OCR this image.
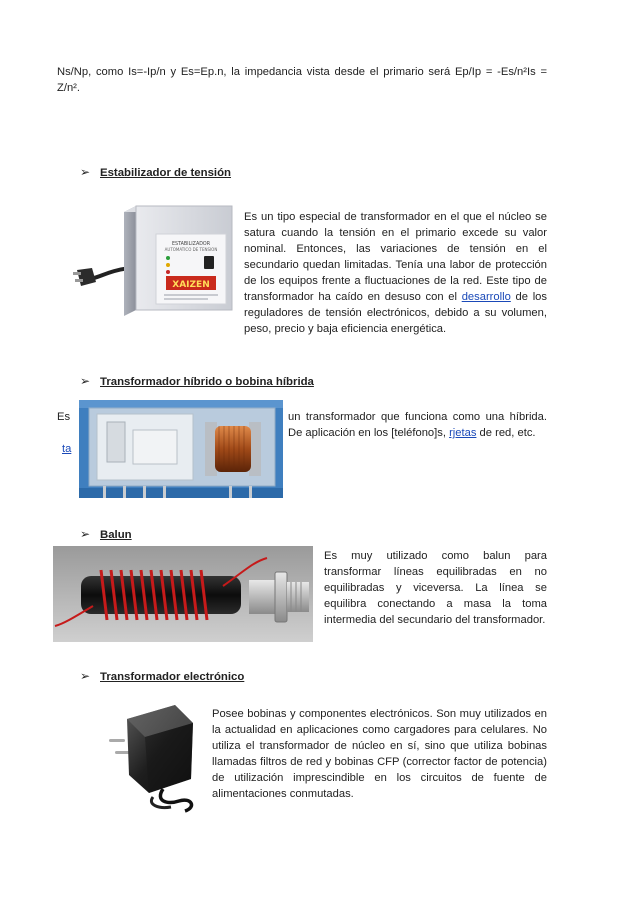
Ns/Np, como Is=-Ip/n y Es=Ep.n, la impedancia vista desde el primario será Ep/Ip = -Es/n²Is = Z/n².
➢ Estabilizador de tensión
ESTABILIZADOR
AUTOMATICO DE TENSION
XAIZEN
Es un tipo especial de transformador en el que el núcleo se satura cuando la tensión en el primario excede su valor nominal. Entonces, las variaciones de tensión en el secundario quedan limitadas. Tenía una labor de protección de los equipos frente a fluctuaciones de la red. Este tipo de transformador ha caído en desuso con el desarrollo de los reguladores de tensión electrónicos, debido a su volumen, peso, precio y baja eficiencia energética.
➢ Transformador híbrido o bobina híbrida
Es
ta
un transformador que funciona como una híbrida. De aplicación en los [teléfono]s, rjetas de red, etc.
➢ Balun
Es muy utilizado como balun para transformar líneas equilibradas en no equilibradas y viceversa. La línea se equilibra conectando a masa la toma intermedia del secundario del transformador.
➢ Transformador electrónico
Posee bobinas y componentes electrónicos. Son muy utilizados en la actualidad en aplicaciones como cargadores para celulares. No utiliza el transformador de núcleo en sí, sino que utiliza bobinas llamadas filtros de red y bobinas CFP (corrector factor de potencia) de utilización imprescindible en los circuitos de fuente de alimentaciones conmutadas.
